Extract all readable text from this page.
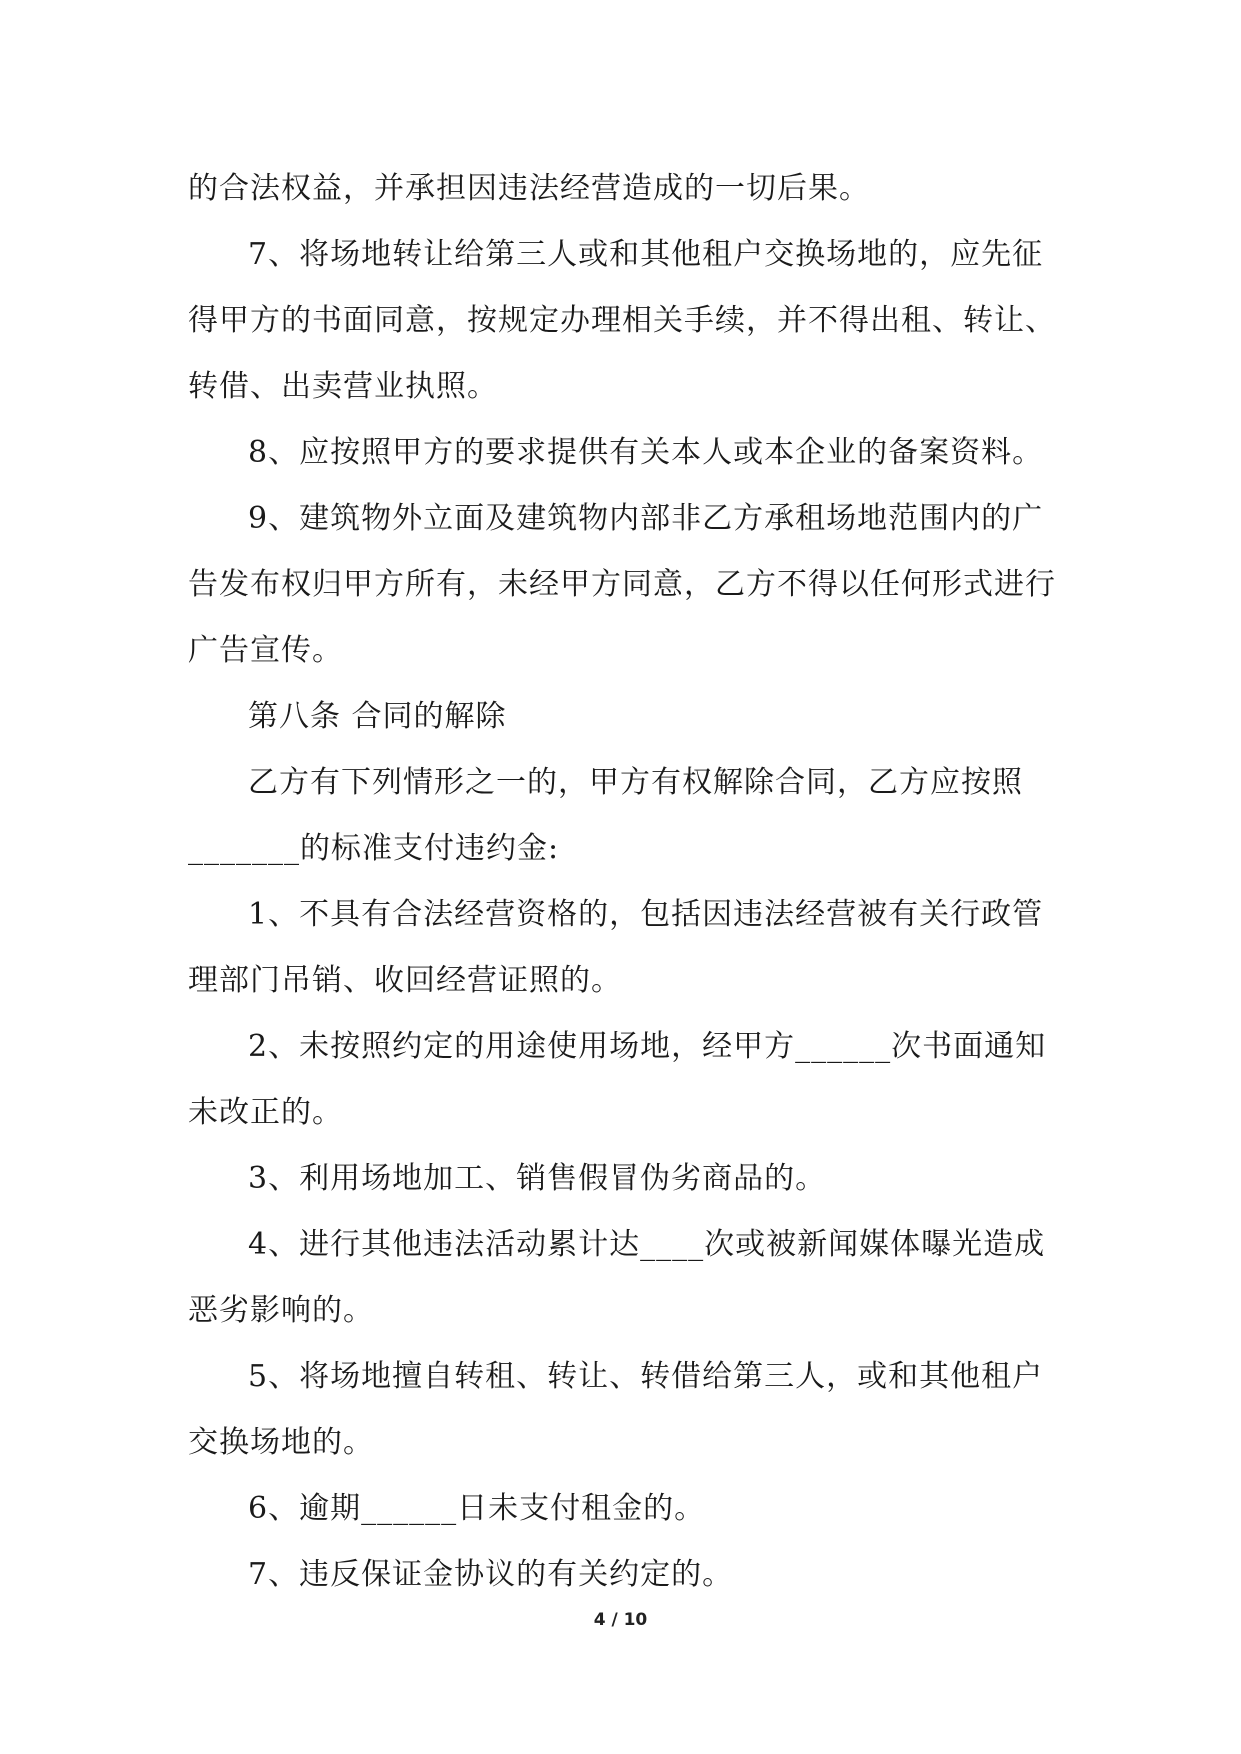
的合法权益，并承担因违法经营造成的一切后果。
7、将场地转让给第三人或和其他租户交换场地的，应先征
得甲方的书面同意，按规定办理相关手续，并不得出租、转让、
转借、出卖营业执照。
8、应按照甲方的要求提供有关本人或本企业的备案资料。
9、建筑物外立面及建筑物内部非乙方承租场地范围内的广
告发布权归甲方所有，未经甲方同意，乙方不得以任何形式进行
广告宣传。
第八条 合同的解除
乙方有下列情形之一的，甲方有权解除合同，乙方应按照
_______的标准支付违约金:
1、不具有合法经营资格的，包括因违法经营被有关行政管
理部门吊销、收回经营证照的。
2、未按照约定的用途使用场地，经甲方______次书面通知
未改正的。
3、利用场地加工、销售假冒伪劣商品的。
4、进行其他违法活动累计达____次或被新闻媒体曝光造成
恶劣影响的。
5、将场地擅自转租、转让、转借给第三人，或和其他租户
交换场地的。
6、逾期______日未支付租金的。
7、违反保证金协议的有关约定的。
4 / 10
